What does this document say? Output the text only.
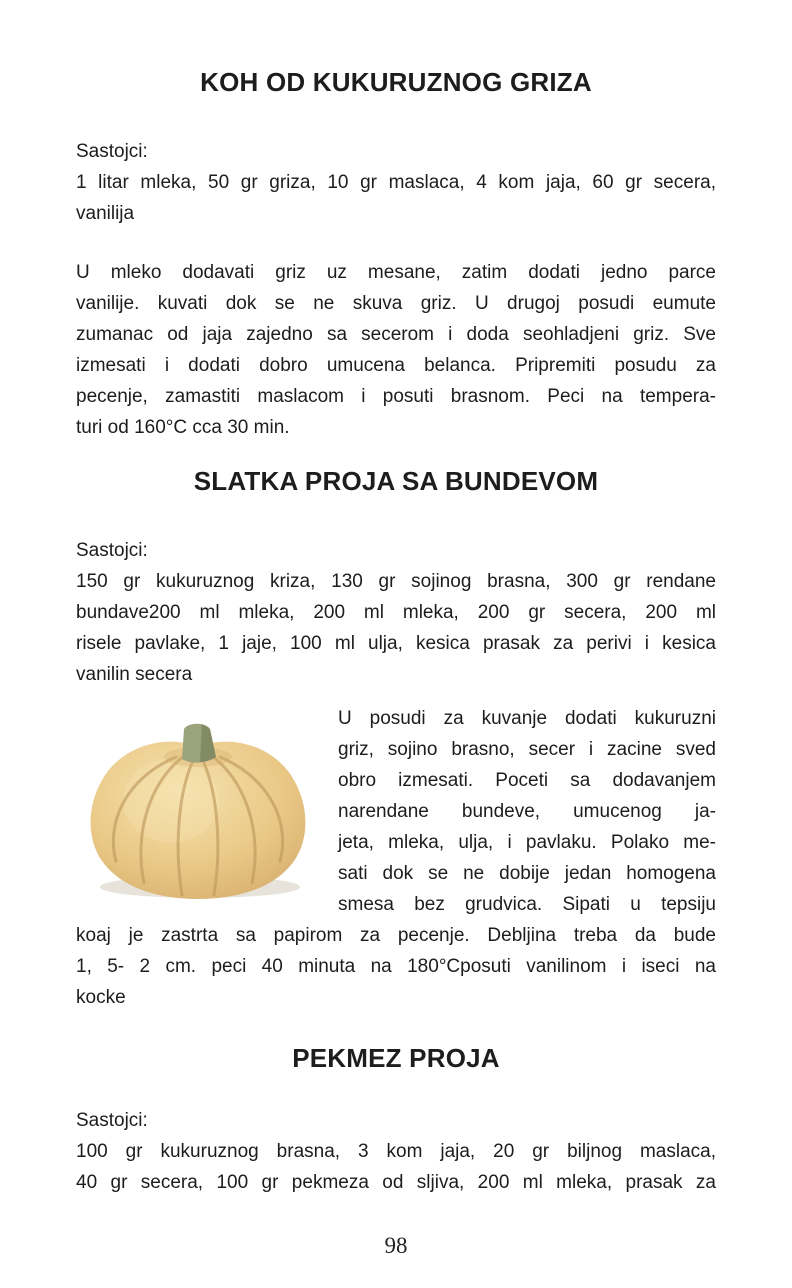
KOH OD KUKURUZNOG GRIZA
Sastojci:
1 litar mleka, 50 gr griza, 10 gr maslaca, 4 kom jaja, 60 gr secera,
vanilija
U mleko dodavati griz uz mesane, zatim dodati jedno parce
vanilije. kuvati dok se ne skuva griz. U drugoj posudi eumute
zumanac od jaja zajedno sa secerom i doda seohladjeni griz. Sve
izmesati i dodati dobro umucena belanca. Pripremiti posudu za
pecenje, zamastiti maslacom i posuti brasnom. Peci na tempera-
turi od 160°C cca 30 min.
SLATKA PROJA SA BUNDEVOM
Sastojci:
150 gr kukuruznog kriza, 130 gr sojinog brasna, 300 gr rendane
bundave200 ml mleka, 200 ml mleka, 200 gr secera, 200 ml
risele pavlake, 1 jaje, 100 ml ulja, kesica prasak za perivi i kesica
vanilin secera
U posudi za kuvanje dodati kukuruzni
griz, sojino brasno, secer i zacine sved
obro izmesati. Poceti sa dodavanjem
narendane bundeve, umucenog ja-
jeta, mleka, ulja, i pavlaku. Polako me-
sati dok se ne dobije jedan homogena
smesa bez grudvica. Sipati u tepsiju
koaj je zastrta sa papirom za pecenje. Debljina treba da bude
1, 5- 2 cm. peci 40 minuta na 180°Cposuti vanilinom i iseci na
kocke
PEKMEZ PROJA
Sastojci:
100 gr kukuruznog brasna, 3 kom jaja, 20 gr biljnog maslaca,
40 gr secera, 100 gr pekmeza od sljiva, 200 ml mleka, prasak za
98
